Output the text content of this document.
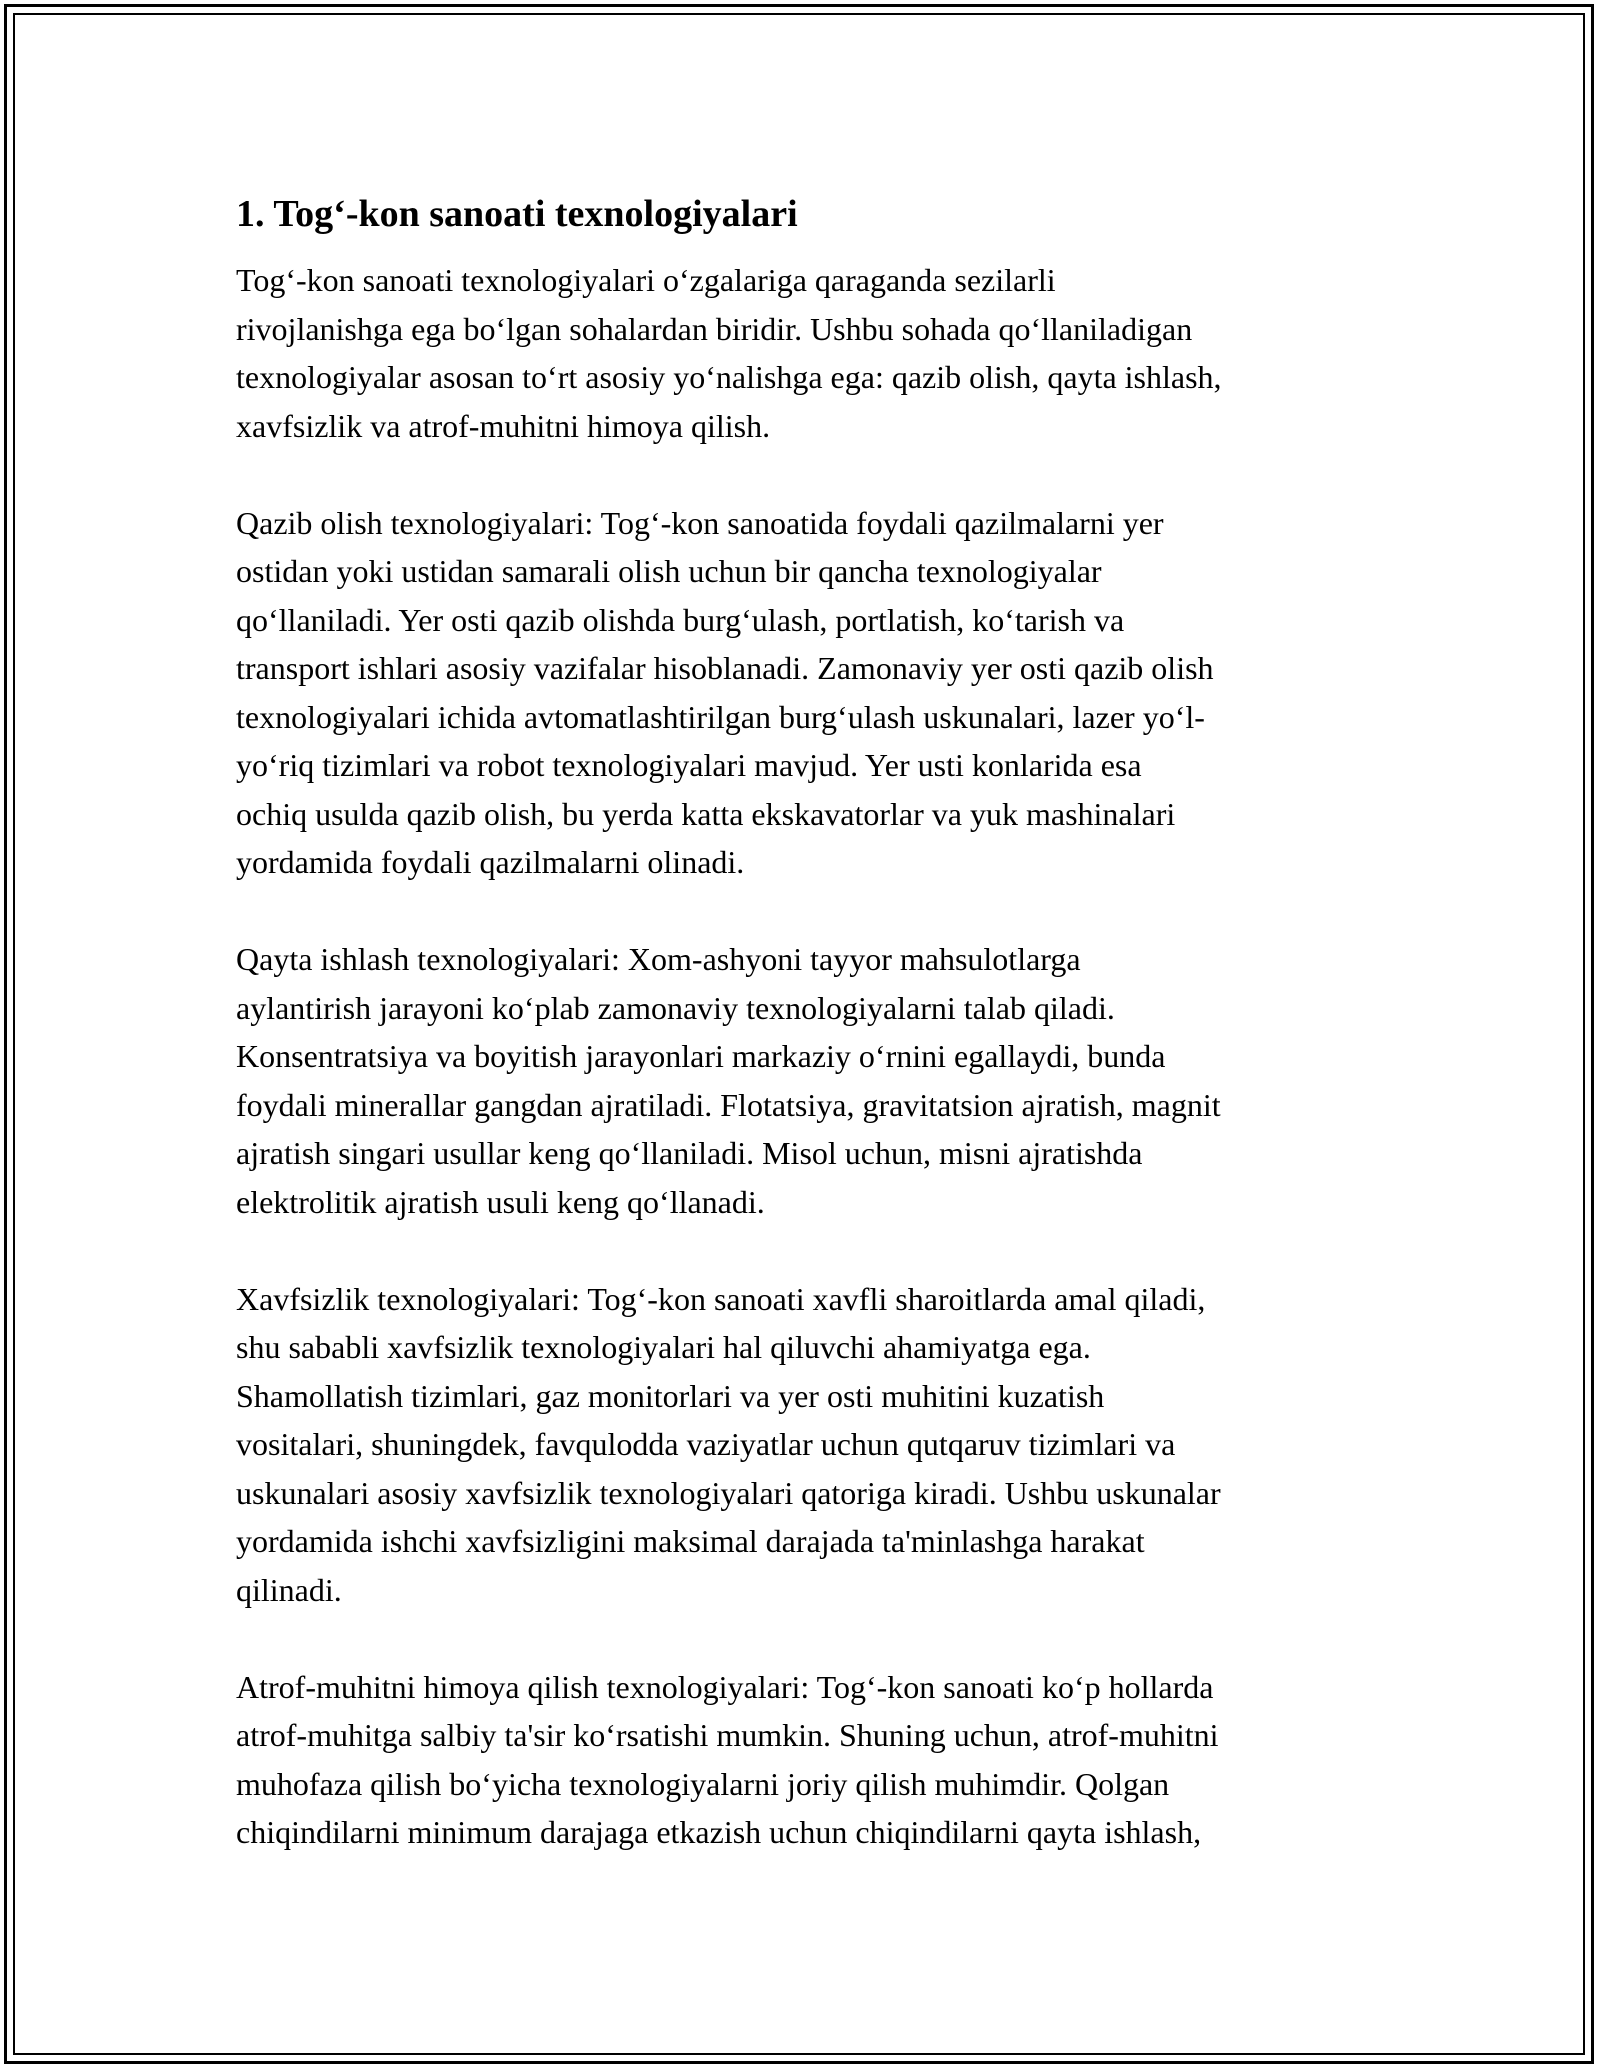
1. Tog‘-kon sanoati texnologiyalari

Tog‘-kon sanoati texnologiyalari o‘zgalariga qaraganda sezilarli
rivojlanishga ega bo‘lgan sohalardan biridir. Ushbu sohada qo‘llaniladigan
texnologiyalar asosan to‘rt asosiy yo‘nalishga ega: qazib olish, qayta ishlash,
xavfsizlik va atrof-muhitni himoya qilish.

Qazib olish texnologiyalari: Tog‘-kon sanoatida foydali qazilmalarni yer
ostidan yoki ustidan samarali olish uchun bir qancha texnologiyalar
qo‘llaniladi. Yer osti qazib olishda burg‘ulash, portlatish, ko‘tarish va
transport ishlari asosiy vazifalar hisoblanadi. Zamonaviy yer osti qazib olish
texnologiyalari ichida avtomatlashtirilgan burg‘ulash uskunalari, lazer yo‘l-
yo‘riq tizimlari va robot texnologiyalari mavjud. Yer usti konlarida esa
ochiq usulda qazib olish, bu yerda katta ekskavatorlar va yuk mashinalari
yordamida foydali qazilmalarni olinadi.

Qayta ishlash texnologiyalari: Xom-ashyoni tayyor mahsulotlarga
aylantirish jarayoni ko‘plab zamonaviy texnologiyalarni talab qiladi.
Konsentratsiya va boyitish jarayonlari markaziy o‘rnini egallaydi, bunda
foydali minerallar gangdan ajratiladi. Flotatsiya, gravitatsion ajratish, magnit
ajratish singari usullar keng qo‘llaniladi. Misol uchun, misni ajratishda
elektrolitik ajratish usuli keng qo‘llanadi.

Xavfsizlik texnologiyalari: Tog‘-kon sanoati xavfli sharoitlarda amal qiladi,
shu sababli xavfsizlik texnologiyalari hal qiluvchi ahamiyatga ega.
Shamollatish tizimlari, gaz monitorlari va yer osti muhitini kuzatish
vositalari, shuningdek, favqulodda vaziyatlar uchun qutqaruv tizimlari va
uskunalari asosiy xavfsizlik texnologiyalari qatoriga kiradi. Ushbu uskunalar
yordamida ishchi xavfsizligini maksimal darajada ta'minlashga harakat
qilinadi.

Atrof-muhitni himoya qilish texnologiyalari: Tog‘-kon sanoati ko‘p hollarda
atrof-muhitga salbiy ta'sir ko‘rsatishi mumkin. Shuning uchun, atrof-muhitni
muhofaza qilish bo‘yicha texnologiyalarni joriy qilish muhimdir. Qolgan
chiqindilarni minimum darajaga etkazish uchun chiqindilarni qayta ishlash,
